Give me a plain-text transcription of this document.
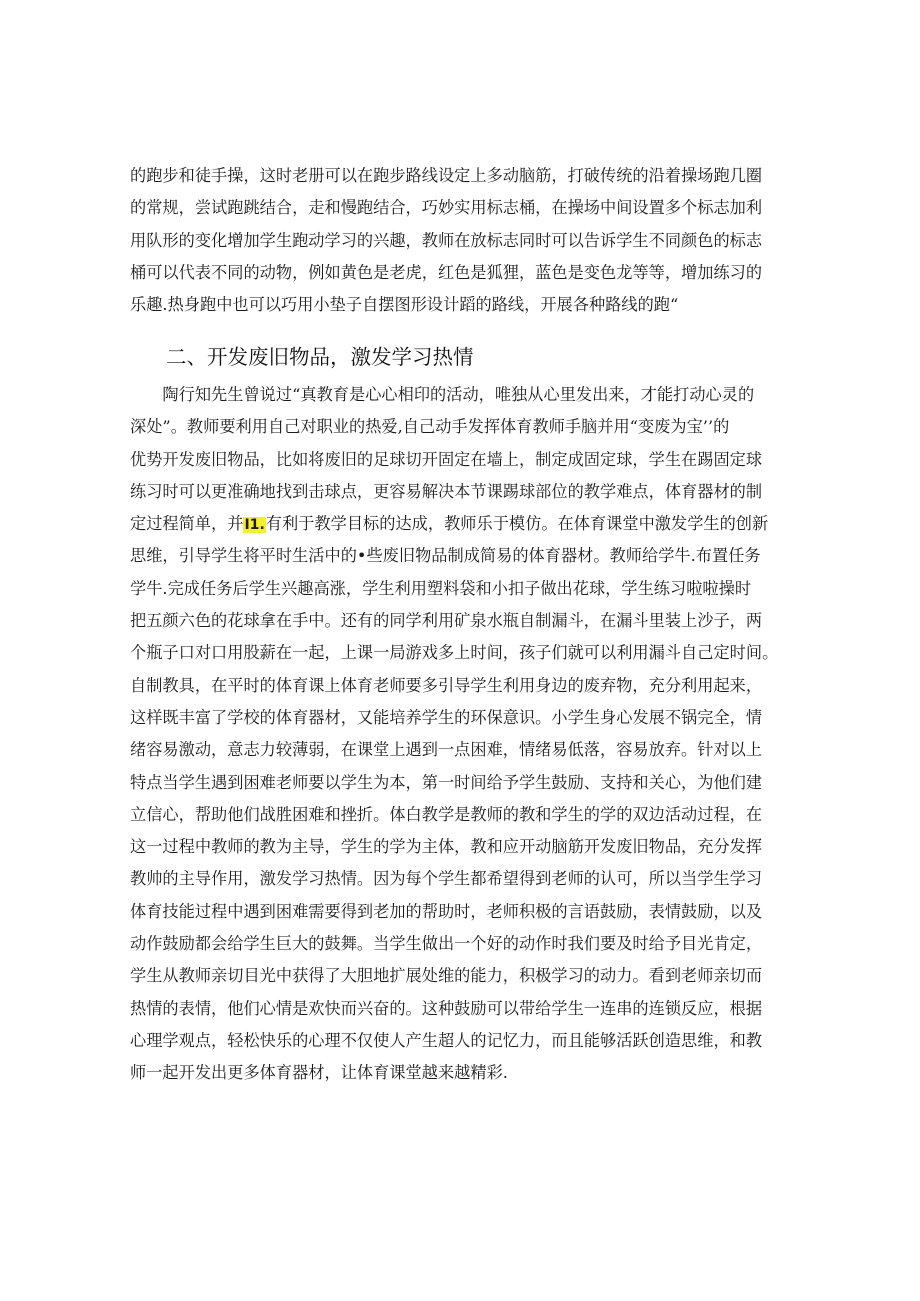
的跑步和徒手操，这时老册可以在跑步路线设定上多动脑筋，打破传统的沿着操场跑几圈
的常规，尝试跑跳结合，走和慢跑结合，巧妙实用标志桶，在操场中间设置多个标志加利
用队形的变化增加学生跑动学习的兴趣，教师在放标志同时可以告诉学生不同颜色的标志
桶可以代表不同的动物，例如黄色是老虎，红色是狐狸，蓝色是变色龙等等，增加练习的
乐趣.热身跑中也可以巧用小垫子自摆图形设计蹈的路线，开展各种路线的跑“
二、开发废旧物品，激发学习热情
　　陶行知先生曾说过“真教育是心心相印的活动，唯独从心里发出来，才能打动心灵的
深处”。教师要利用自己对职业的热爱,自己动手发挥体育教师手脑并用“变废为宝’’的
优势开发废旧物品，比如将废旧的足球切开固定在墙上，制定成固定球，学生在踢固定球
练习时可以更准确地找到击球点，更容易解决本节课踢球部位的教学难点，体育器材的制
定过程简单，并I1.有利于教学目标的达成，教师乐于模仿。在体育课堂中激发学生的创新
思维，引导学生将平时生活中的•些废旧物品制成简易的体育器材。教师给学牛.布置任务
学牛.完成任务后学生兴趣高涨，学生利用塑料袋和小扣子做出花球，学生练习啦啦操时
把五颜六色的花球拿在手中。还有的同学利用矿泉水瓶自制漏斗，在漏斗里装上沙子，两
个瓶子口对口用股薪在一起，上课一局游戏多上时间，孩子们就可以利用漏斗自己定时间。
自制教具，在平时的体育课上体育老师要多引导学生利用身边的废弃物，充分利用起来，
这样既丰富了学校的体育器材，又能培养学生的环保意识。小学生身心发展不锅完全，情
绪容易激动，意志力较薄弱，在课堂上遇到一点困难，情绪易低落，容易放弃。针对以上
特点当学生遇到困难老师要以学生为本，第一时间给予学生鼓励、支持和关心，为他们建
立信心，帮助他们战胜困难和挫折。体白教学是教师的教和学生的学的双边活动过程，在
这一过程中教师的教为主导，学生的学为主体，教和应开动脑筋开发废旧物品，充分发挥
教帅的主导作用，激发学习热情。因为每个学生都希望得到老师的认可，所以当学生学习
体育技能过程中遇到困难需要得到老加的帮助时，老师积极的言语鼓励，表情鼓励，以及
动作鼓励都会给学生巨大的鼓舞。当学生做出一个好的动作时我们要及时给予目光肯定，
学生从教师亲切目光中获得了大胆地扩展处维的能力，积极学习的动力。看到老师亲切而
热情的表情，他们心情是欢快而兴奋的。这种鼓励可以带给学生一连串的连锁反应，根据
心理学观点，轻松快乐的心理不仅使人产生超人的记忆力，而且能够活跃创造思维，和教
师一起开发出更多体育器材，让体育课堂越来越精彩.
